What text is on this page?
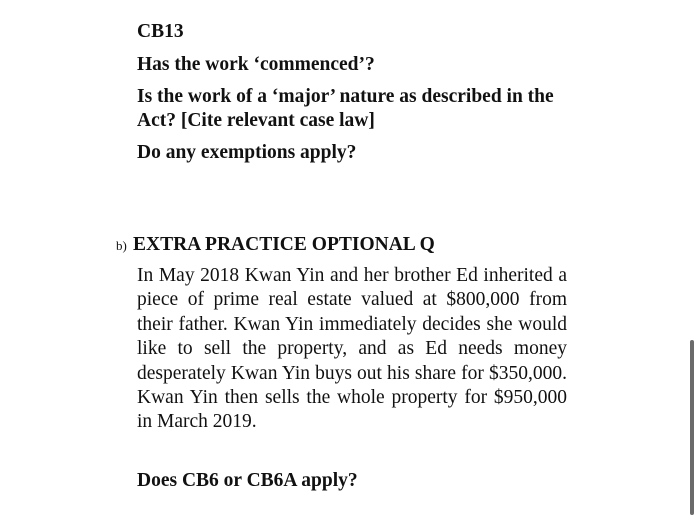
CB13
Has the work ‘commenced’?
Is the work of a ‘major’ nature as described in the Act? [Cite relevant case law]
Do any exemptions apply?
b) EXTRA PRACTICE OPTIONAL Q
In May 2018 Kwan Yin and her brother Ed inherited a piece of prime real estate valued at $800,000 from their father. Kwan Yin immediately decides she would like to sell the property, and as Ed needs money desperately Kwan Yin buys out his share for $350,000. Kwan Yin then sells the whole property for $950,000 in March 2019.
Does CB6 or CB6A apply?
